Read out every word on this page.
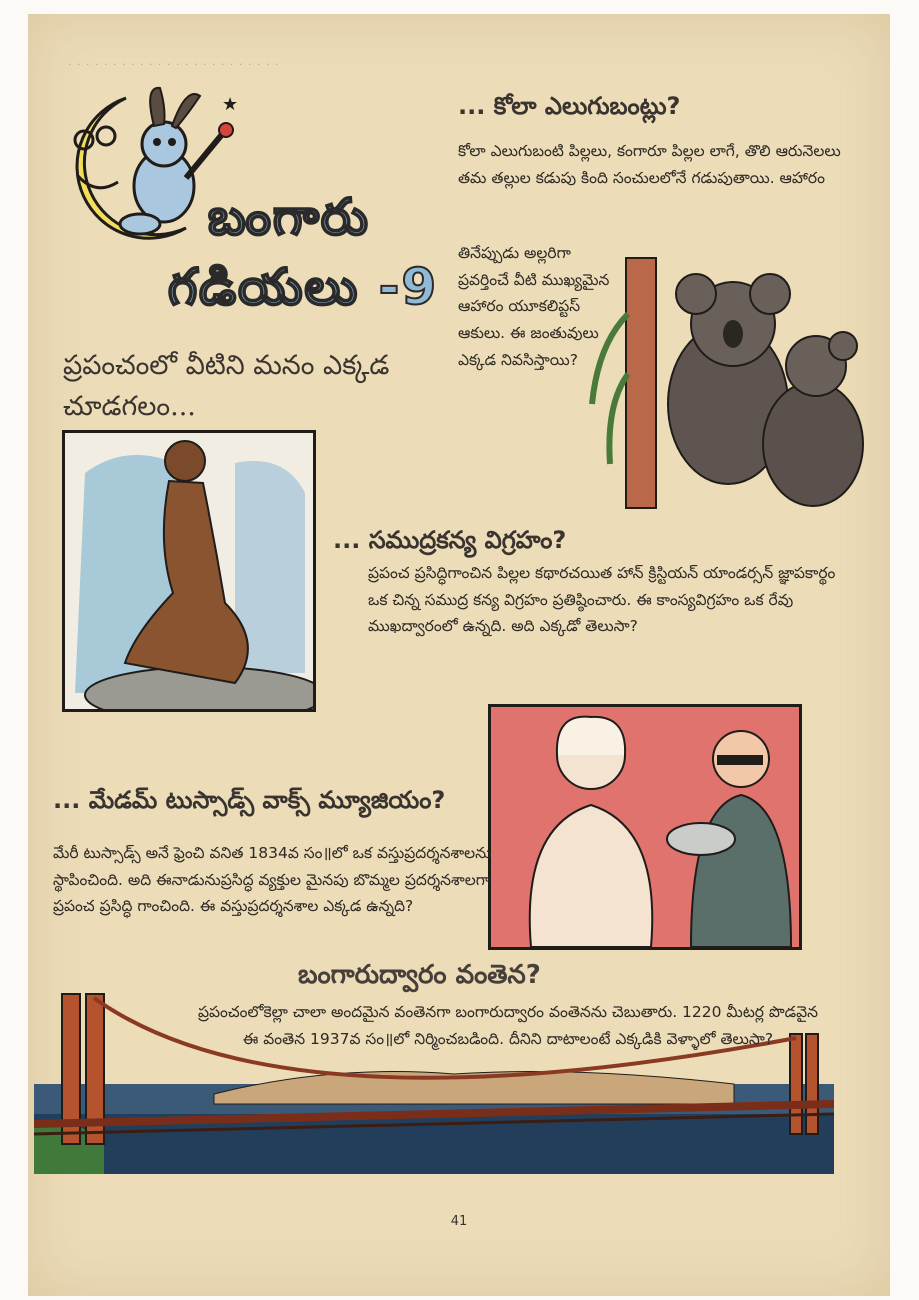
★
· · · · · · · · · · · · · · · · · · · · · · · ·
బంగారు
గడియలు -9

ప్రపంచంలో వీటిని మనం ఎక్కడ చూడగలం...

... కోలా ఎలుగుబంట్లు?

కోలా ఎలుగుబంటి పిల్లలు, కంగారూ పిల్లల లాగే, తొలి ఆరునెలలు తమ తల్లుల కడుపు కింది సంచులలోనే గడుపుతాయి. ఆహారం

తినేప్పుడు అల్లరిగా ప్రవర్తించే వీటి ముఖ్యమైన ఆహారం యూకలిప్టస్ ఆకులు. ఈ జంతువులు ఎక్కడ నివసిస్తాయి?

... సముద్రకన్య విగ్రహం?

ప్రపంచ ప్రసిద్ధిగాంచిన పిల్లల కథారచయిత హాన్ క్రిస్టియన్ యాండర్సన్ జ్ఞాపకార్థం ఒక చిన్న సముద్ర కన్య విగ్రహం ప్రతిష్ఠించారు. ఈ కాంస్యవిగ్రహం ఒక రేవు ముఖద్వారంలో ఉన్నది. అది ఎక్కడో తెలుసా?

... మేడమ్ టుస్సాడ్స్ వాక్స్ మ్యూజియం?

మేరీ టుస్సాడ్స్ అనే ఫ్రెంచి వనిత 1834వ సం॥లో ఒక వస్తుప్రదర్శనశాలను స్థాపించింది. అది ఈనాడునుప్రసిద్ధ వ్యక్తుల మైనపు బొమ్మల ప్రదర్శనశాలగా ప్రపంచ ప్రసిద్ధి గాంచింది. ఈ వస్తుప్రదర్శనశాల ఎక్కడ ఉన్నది?

బంగారుద్వారం వంతెన?

ప్రపంచంలోకెల్లా చాలా అందమైన వంతెనగా బంగారుద్వారం వంతెనను చెబుతారు. 1220 మీటర్ల పొడవైన ఈ వంతెన 1937వ సం॥లో నిర్మించబడింది. దీనిని దాటాలంటే ఎక్కడికి వెళ్ళాలో తెలుసా?

41
